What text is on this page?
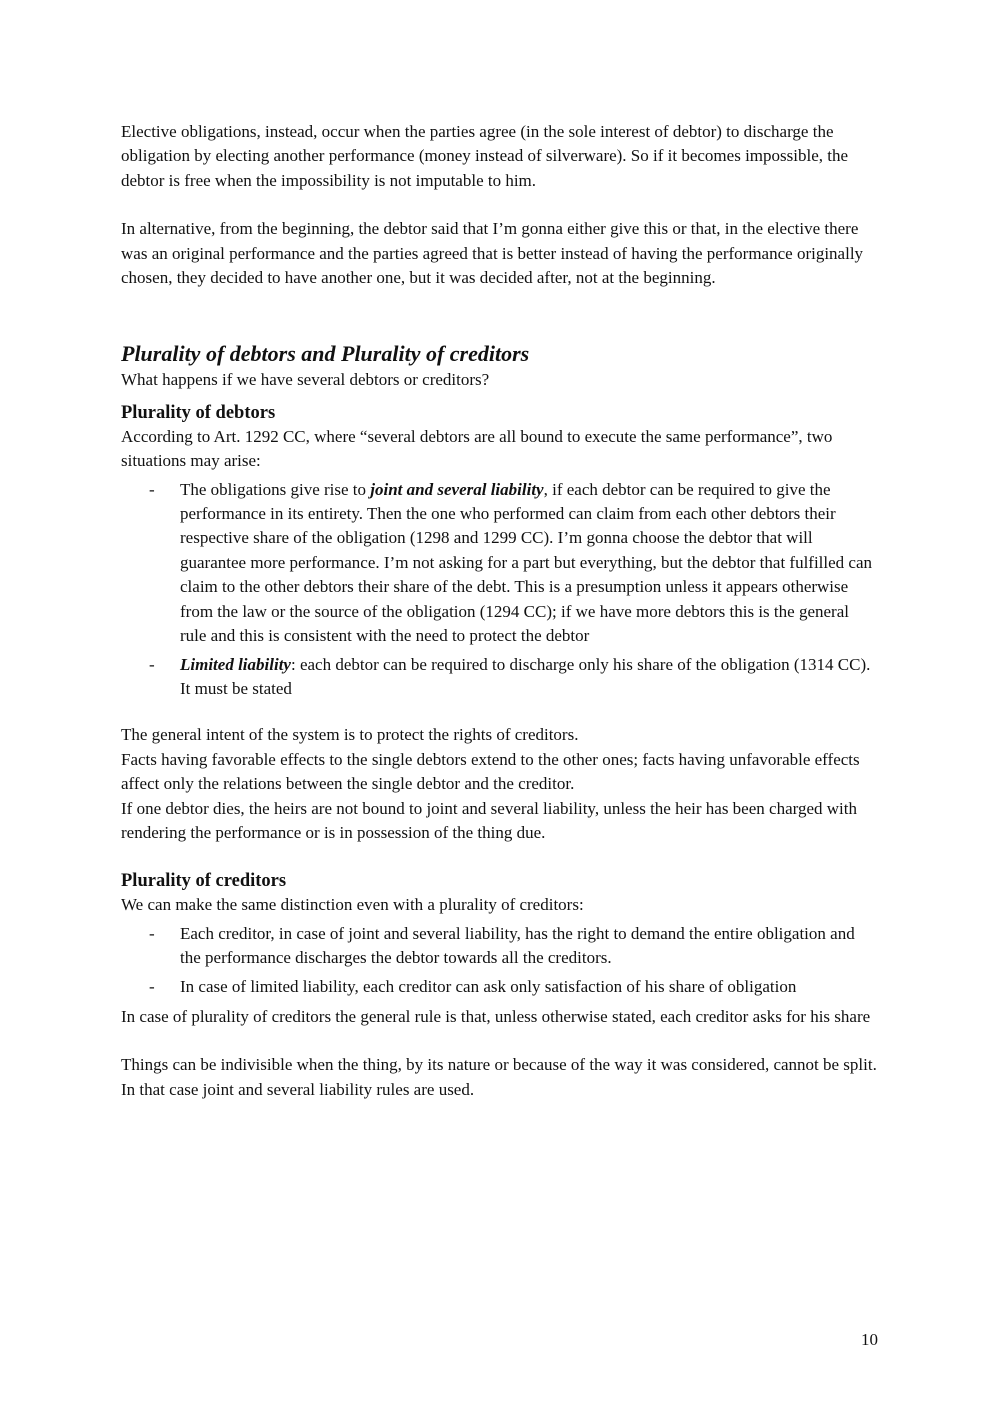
Elective obligations, instead, occur when the parties agree (in the sole interest of debtor) to discharge the obligation by electing another performance (money instead of silverware). So if it becomes impossible, the debtor is free when the impossibility is not imputable to him.

In alternative, from the beginning, the debtor said that I’m gonna either give this or that, in the elective there was an original performance and the parties agreed that is better instead of having the performance originally chosen, they decided to have another one, but it was decided after, not at the beginning.

Plurality of debtors and Plurality of creditors

What happens if we have several debtors or creditors?

Plurality of debtors

According to Art. 1292 CC, where “several debtors are all bound to execute the same performance”, two situations may arise:

- The obligations give rise to joint and several liability, if each debtor can be required to give the performance in its entirety. Then the one who performed can claim from each other debtors their respective share of the obligation (1298 and 1299 CC). I’m gonna choose the debtor that will guarantee more performance. I’m not asking for a part but everything, but the debtor that fulfilled can claim to the other debtors their share of the debt. This is a presumption unless it appears otherwise from the law or the source of the obligation (1294 CC); if we have more debtors this is the general rule and this is consistent with the need to protect the debtor
- Limited liability: each debtor can be required to discharge only his share of the obligation (1314 CC). It must be stated

The general intent of the system is to protect the rights of creditors.

Facts having favorable effects to the single debtors extend to the other ones; facts having unfavorable effects affect only the relations between the single debtor and the creditor.

If one debtor dies, the heirs are not bound to joint and several liability, unless the heir has been charged with rendering the performance or is in possession of the thing due.

Plurality of creditors

We can make the same distinction even with a plurality of creditors:

- Each creditor, in case of joint and several liability, has the right to demand the entire obligation and the performance discharges the debtor towards all the creditors.
- In case of limited liability, each creditor can ask only satisfaction of his share of obligation

In case of plurality of creditors the general rule is that, unless otherwise stated, each creditor asks for his share

Things can be indivisible when the thing, by its nature or because of the way it was considered, cannot be split. In that case joint and several liability rules are used.

10
